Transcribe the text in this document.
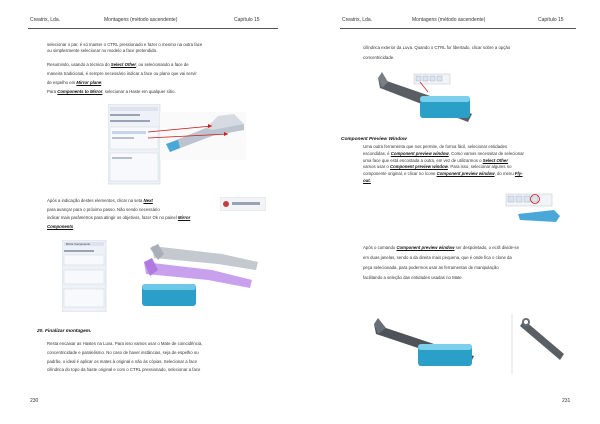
Creatrix, Lda.	Montagens (método ascendente)	Capítulo 15
selecionar o par, é só manter o CTRL pressionado e fazer o mesmo na outra face
ou simplesmente selecionar no modelo a face pretendida.
Resumindo, usando a técnica do Select Other, ou selecionando a face de
maneira tradicional, é sempre necessário indicar a face ou plano que vai servir
de espelho em Mirror plane:
Para Components to Mirror, selecionar a Haste em qualquer sítio.
Após a indicação destes elementos, clicar na seta Next
para avançar para o próximo passo. Não sendo necessário
indicar mais parâmetros para atingir os objetivos, fazer Ok no painel Mirror
Components
Mirror Components
20. Finalizar montagem.
Resta encaixar as Hastes na Luva. Para isso vamos usar o Mate de coincidência,
concentricidade e paralelismo. No caso de haver instâncias, seja de espelho ou
padrão, o ideal é aplicar os mates à original e não às cópias. Selecionar a face
cilíndrica do topo da haste original e com o CTRL pressionado, selecionar a face
230
Creatrix, Lda.	Montagens (método ascendente)	Capítulo 15
cilíndrica exterior da Luva. Quando o CTRL for libertado, clicar sobre a opção
concentricidade.
Component Preview Window
Uma outra ferramenta que nos permite, de forma fácil, selecionar entidades
escondidas, é Component preview window. Como vamos necessitar de selecionar
uma face que está encostada a outra, em vez de utilizarmos o Select Other
vamos usar o Component preview window. Para isso, selecionar algures no
componente original, e clicar no ícone Component preview window, do menu Fly-
out.
Após o comando Component preview window ser despoletado, o ecrã divide-se
em duas janelas, sendo a da direita mais pequena, que é onde fica o clone da
peça selecionada, para podermos usar as ferramentas de manipulação
facilitando a seleção das entidades usadas no Mate.
231
